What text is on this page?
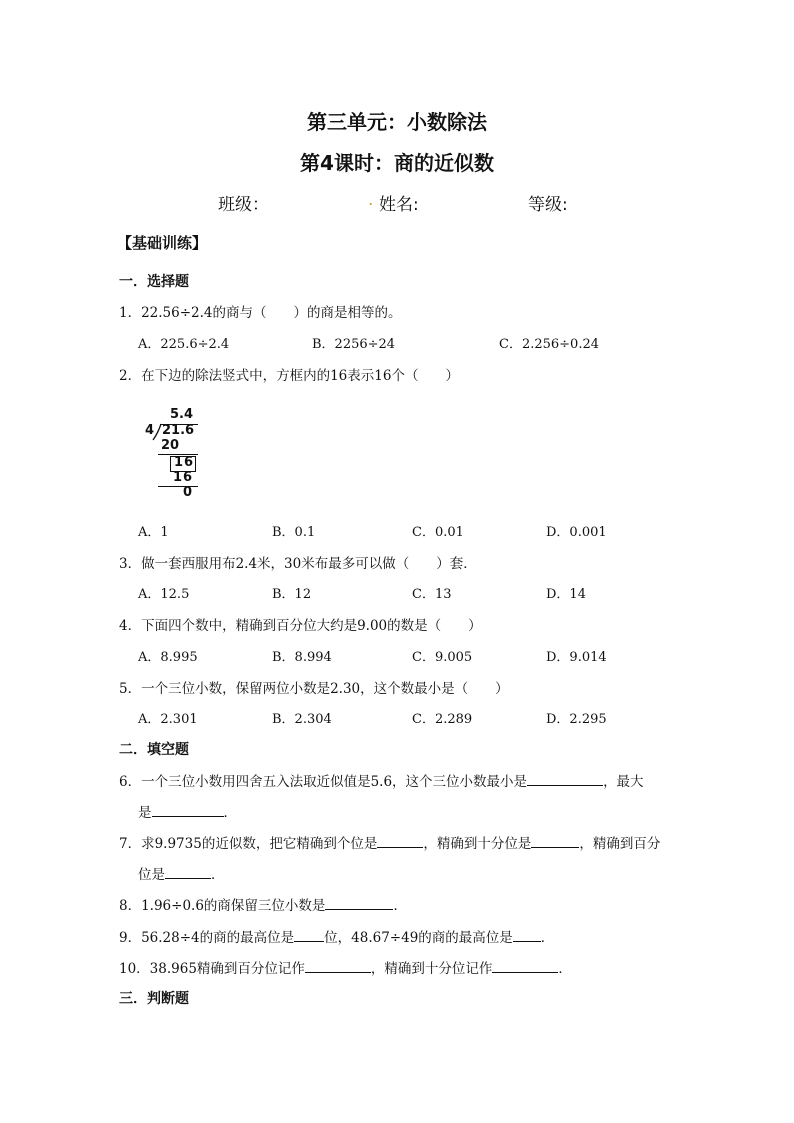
第三单元：小数除法
第4课时：商的近似数
班级：	. 姓名:	等级:
【基础训练】
一．选择题
1．22.56÷2.4的商与（　　）的商是相等的。
A．225.6÷2.4	B．2256÷24	C．2.256÷0.24
2．在下边的除法竖式中，方框内的16表示16个（　　）
5.4
4 21.6
20
16
16
0
A．1	B．0.1	C．0.01	D．0.001
3．做一套西服用布2.4米，30米布最多可以做（　　）套．
A．12.5	B．12	C．13	D．14
4．下面四个数中，精确到百分位大约是9.00的数是（　　）
A．8.995	B．8.994	C．9.005	D．9.014
5．一个三位小数，保留两位小数是2.30，这个数最小是（　　）
A．2.301	B．2.304	C．2.289	D．2.295
二．填空题
6．一个三位小数用四舍五入法取近似值是5.6，这个三位小数最小是	，最大
是	．
7．求9.9735的近似数，把它精确到个位是	，精确到十分位是	，精确到百分
位是	．
8．1.96÷0.6的商保留三位小数是	．
9．56.28÷4的商的最高位是 位，48.67÷49的商的最高位是 ．
10．38.965精确到百分位记作	，精确到十分位记作	．
三．判断题
